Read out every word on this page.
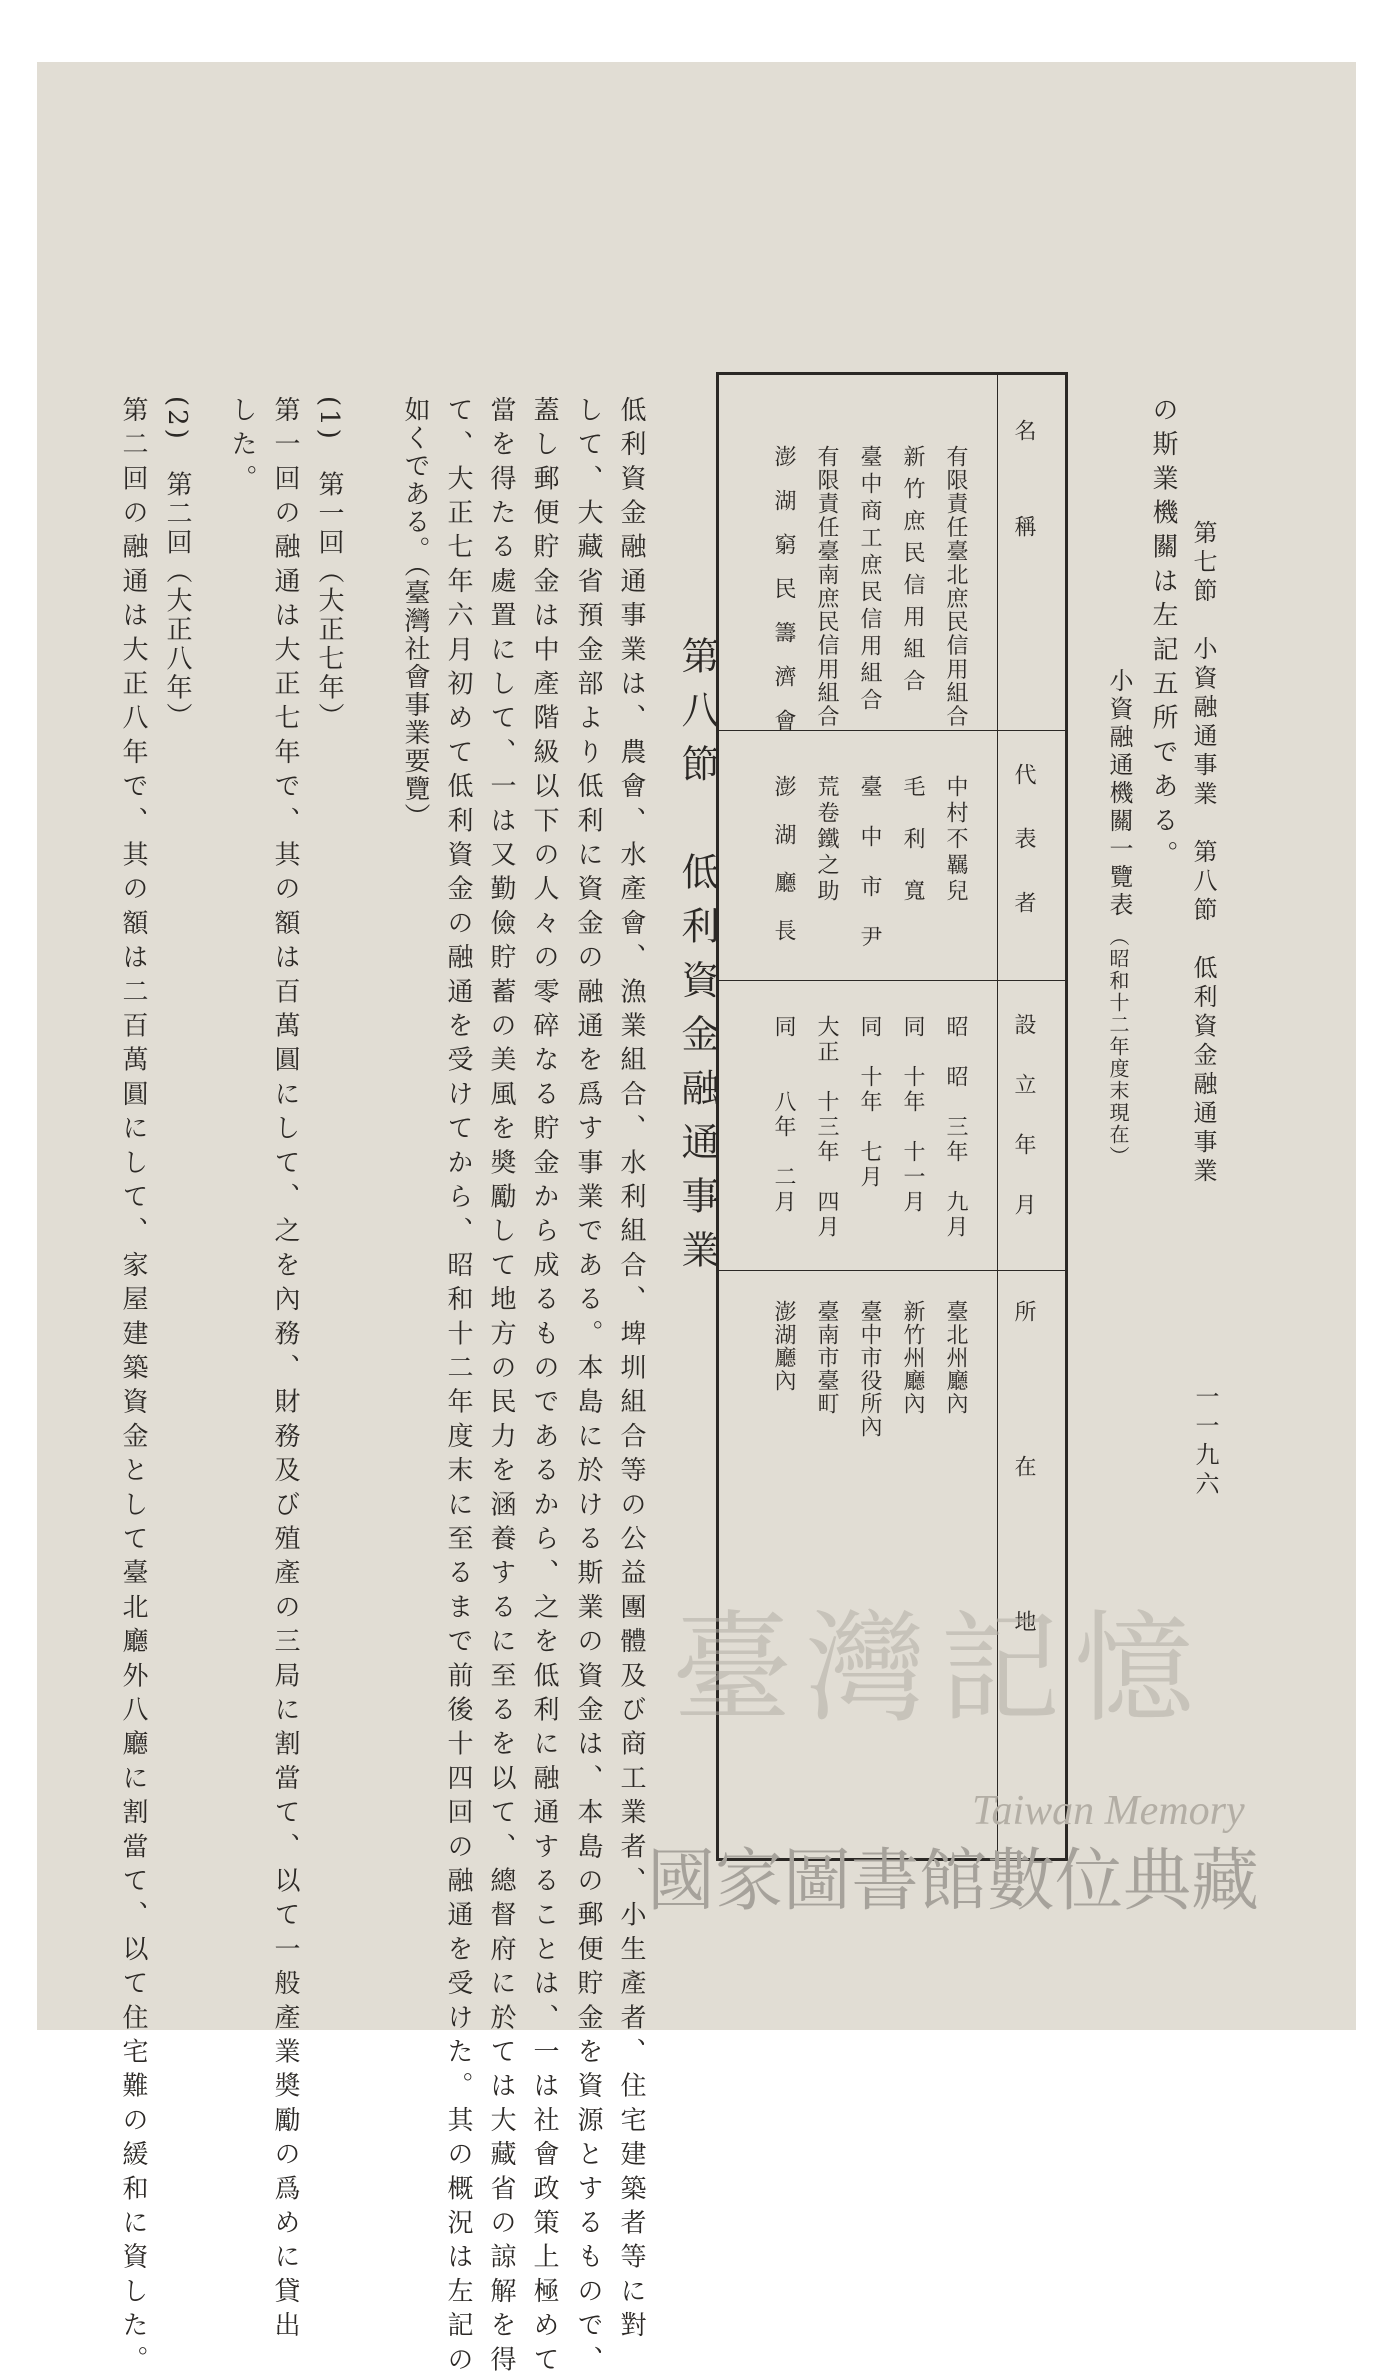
第七節　小資融通事業　第八節　低利資金融通事業
一一九六
の斯業機關は左記五所である。
小資融通機關一覽表
（昭和十二年度末現在）
名　　稱
代　表　者
設　立　年　月
所　　　　在　　　　地
有限責任臺北庶民信用組合
中村不羈兒
昭　昭　三年　九月
臺北州廳內
新竹庶民信用組合
毛　利　寬
同　十年　十一月
新竹州廳內
臺中商工庶民信用組合
臺　中　市　尹
同　十年　七月
臺中市役所內
有限責任臺南庶民信用組合
荒卷鐵之助
大正　十三年　四月
臺南市臺町
澎　湖　窮　民　籌　濟　會
澎　湖　廳　長
同　　八年　二月
澎湖廳內
第八節　低利資金融通事業
低利資金融通事業は、農會、水產會、漁業組合、水利組合、埤圳組合等の公益團體及び商工業者、小生產者、住宅建築者等に對
して、大藏省預金部より低利に資金の融通を爲す事業である。本島に於ける斯業の資金は、本島の郵便貯金を資源とするもので、
蓋し郵便貯金は中產階級以下の人々の零碎なる貯金から成るものであるから、之を低利に融通することは、一は社會政策上極めて
當を得たる處置にして、一は又勤儉貯蓄の美風を奬勵して地方の民力を涵養するに至るを以て、總督府に於ては大藏省の諒解を得
て、大正七年六月初めて低利資金の融通を受けてから、昭和十二年度末に至るまで前後十四回の融通を受けた。其の概況は左記の
如くである。（臺灣社會事業要覽）
(1)　第一回（大正七年）
第一回の融通は大正七年で、其の額は百萬圓にして、之を內務、財務及び殖產の三局に割當て、以て一般產業奬勵の爲めに貸出
した。
(2)　第二回（大正八年）
第二回の融通は大正八年で、其の額は二百萬圓にして、家屋建築資金として臺北廳外八廳に割當て、以て住宅難の緩和に資した。	臺灣記憶
Taiwan Memory
國家圖書館數位典藏
